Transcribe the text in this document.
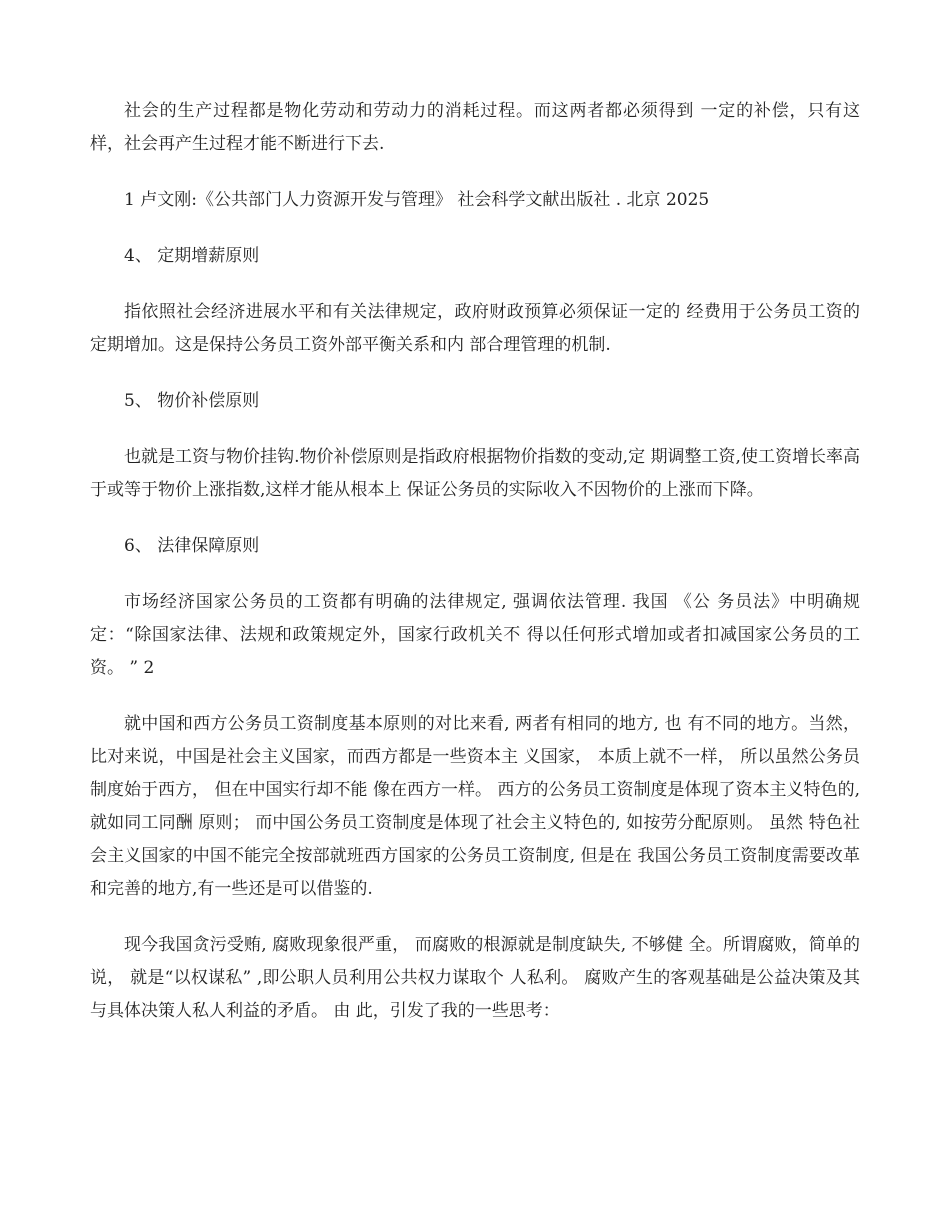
社会的生产过程都是物化劳动和劳动力的消耗过程。而这两者都必须得到 一定的补偿，只有这样，社会再产生过程才能不断进行下去.

1 卢文刚:《公共部门人力资源开发与管理》 社会科学文献出版社 . 北京 2025

4、 定期增薪原则

指依照社会经济进展水平和有关法律规定，政府财政预算必须保证一定的 经费用于公务员工资的定期增加。这是保持公务员工资外部平衡关系和内 部合理管理的机制.

5、 物价补偿原则

也就是工资与物价挂钩.物价补偿原则是指政府根据物价指数的变动,定 期调整工资,使工资增长率高于或等于物价上涨指数,这样才能从根本上 保证公务员的实际收入不因物价的上涨而下降。

6、 法律保障原则

市场经济国家公务员的工资都有明确的法律规定, 强调依法管理. 我国 《公 务员法》中明确规定：“除国家法律、法规和政策规定外，国家行政机关不 得以任何形式增加或者扣减国家公务员的工资。 ” 2

就中国和西方公务员工资制度基本原则的对比来看, 两者有相同的地方, 也 有不同的地方。当然，比对来说，中国是社会主义国家，而西方都是一些资本主 义国家， 本质上就不一样， 所以虽然公务员制度始于西方， 但在中国实行却不能 像在西方一样。 西方的公务员工资制度是体现了资本主义特色的, 就如同工同酬 原则； 而中国公务员工资制度是体现了社会主义特色的, 如按劳分配原则。 虽然 特色社会主义国家的中国不能完全按部就班西方国家的公务员工资制度, 但是在 我国公务员工资制度需要改革和完善的地方,有一些还是可以借鉴的.

现今我国贪污受贿, 腐败现象很严重， 而腐败的根源就是制度缺失, 不够健 全。所谓腐败，简单的说， 就是“以权谋私” ,即公职人员利用公共权力谋取个 人私利。 腐败产生的客观基础是公益决策及其与具体决策人私人利益的矛盾。 由 此，引发了我的一些思考：
